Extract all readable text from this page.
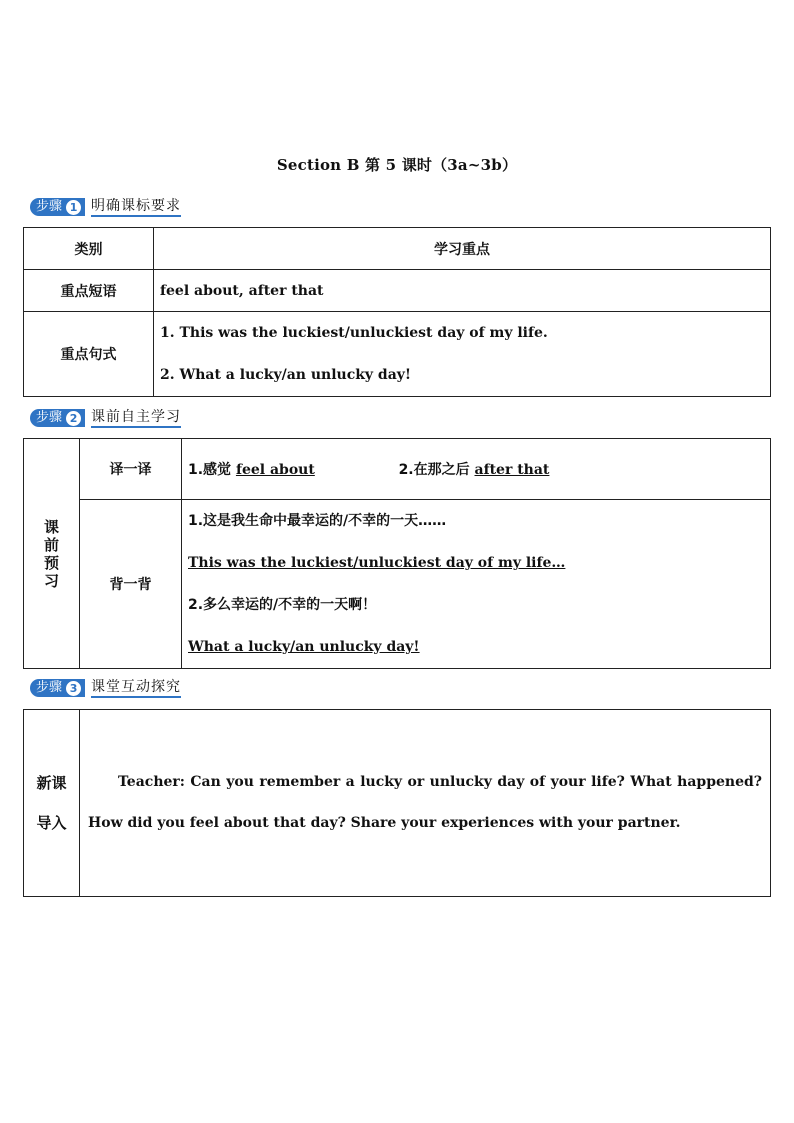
Section B 第 5 课时（3a~3b）
步骤 1 明确课标要求
类别	学习重点
重点短语	feel about, after that
重点句式	1. This was the luckiest/unluckiest day of my life.
2. What a lucky/an unlucky day!
步骤 2 课前自主学习
课
前
预
习	译一译	1.感觉 feel about 2.在那之后 after that
	背一背	1.这是我生命中最幸运的/不幸的一天……
This was the luckiest/unluckiest day of my life…
2.多么幸运的/不幸的一天啊！
What a lucky/an unlucky day!
步骤 3 课堂互动探究
新课
导入
	Teacher: Can you remember a lucky or unlucky day of your life? What happened? How did you feel about that day? Share your experiences with your partner.
